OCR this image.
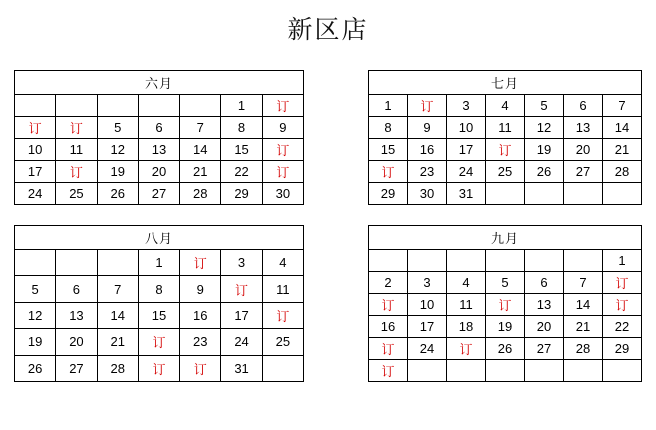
新区店
六月						
					1	订
订	订	5	6	7	8	9
10	11	12	13	14	15	订
17	订	19	20	21	22	订
24	25	26	27	28	29	30
七月						
1	订	3	4	5	6	7
8	9	10	11	12	13	14
15	16	17	订	19	20	21
订	23	24	25	26	27	28
29	30	31				
八月						
			1	订	3	4
5	6	7	8	9	订	11
12	13	14	15	16	17	订
19	20	21	订	23	24	25
26	27	28	订	订	31	
九月						
						1
2	3	4	5	6	7	订
订	10	11	订	13	14	订
16	17	18	19	20	21	22
订	24	订	26	27	28	29
订						
